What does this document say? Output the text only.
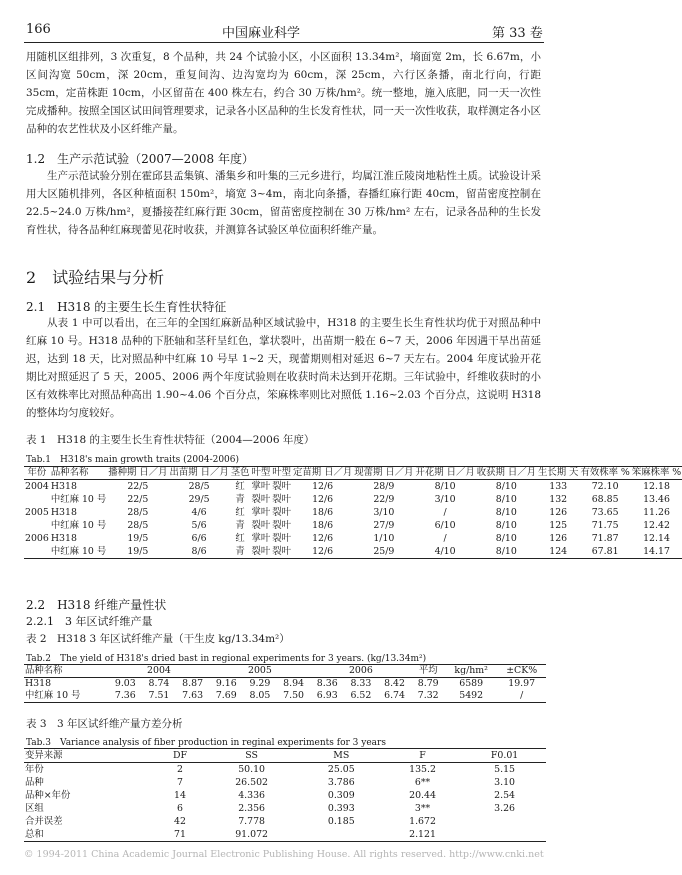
166	中国麻业科学	第 33 卷
用随机区组排列，3 次重复，8 个品种，共 24 个试验小区，小区面积 13.34m²，墒面宽 2m，长 6.67m，小区间沟宽 50cm，深 20cm，重复间沟、边沟宽均为 60cm，深 25cm，六行区条播，南北行向，行距 35cm，定苗株距 10cm，小区留苗在 400 株左右，约合 30 万株/hm²。统一整地，施入底肥，同一天一次性完成播种。按照全国区试田间管理要求，记录各小区品种的生长发育性状，同一天一次性收获，取样测定各小区品种的农艺性状及小区纤维产量。
1.2　生产示范试验（2007—2008 年度）
生产示范试验分别在霍邱县孟集镇、潘集乡和叶集的三元乡进行，均属江淮丘陵岗地粘性土质。试验设计采用大区随机排列，各区种植面积 150m²，墒宽 3~4m，南北向条播，春播红麻行距 40cm，留苗密度控制在 22.5~24.0 万株/hm²，夏播接茬红麻行距 30cm，留苗密度控制在 30 万株/hm² 左右，记录各品种的生长发育性状，待各品种红麻现蕾见花时收获，并测算各试验区单位面积纤维产量。
2　试验结果与分析
2.1　H318 的主要生长生育性状特征
从表 1 中可以看出，在三年的全国红麻新品种区域试验中，H318 的主要生长生育性状均优于对照品种中红麻 10 号。H318 品种的下胚轴和茎秆呈红色，掌状裂叶，出苗期一般在 6~7 天，2006 年因遇干旱出苗延迟，达到 18 天，比对照品种中红麻 10 号早 1~2 天，现蕾期则相对延迟 6~7 天左右。2004 年度试验开花期比对照延迟了 5 天，2005、2006 两个年度试验则在收获时尚未达到开花期。三年试验中，纤维收获时的小区有效株率比对照品种高出 1.90~4.06 个百分点，笨麻株率则比对照低 1.16~2.03 个百分点，这说明 H318 的整体均匀度较好。
表 1　H318 的主要生长生育性状特征（2004—2006 年度）
Tab.1　H318's main growth traits (2004-2006)
年份	品种名称	播种期 日／月	出苗期 日／月	茎色	叶型	叶型	定苗期 日／月	现蕾期 日／月	开花期 日／月	收获期 日／月	生长期 天	有效株率 %	笨麻株率 %
2004	H318	22/5	28/5	红	掌叶	裂叶	12/6	28/9	8/10	8/10	133	72.10	12.18
	中红麻 10 号	22/5	29/5	青	裂叶	裂叶	12/6	22/9	3/10	8/10	132	68.85	13.46
2005	H318	28/5	4/6	红	掌叶	裂叶	18/6	3/10	/	8/10	126	73.65	11.26
	中红麻 10 号	28/5	5/6	青	裂叶	裂叶	18/6	27/9	6/10	8/10	125	71.75	12.42
2006	H318	19/5	6/6	红	掌叶	裂叶	12/6	1/10	/	8/10	126	71.87	12.14
	中红麻 10 号	19/5	8/6	青	裂叶	裂叶	12/6	25/9	4/10	8/10	124	67.81	14.17
2.2　H318 纤维产量性状
2.2.1　3 年区试纤维产量
表 2　H318 3 年区试纤维产量（干生皮 kg/13.34m²）
Tab.2　The yield of H318's dried bast in regional experiments for 3 years. (kg/13.34m²)
品种名称	2004			2005			2006			平均	kg/hm²	±CK%
H318	9.03	8.74	8.87	9.16	9.29	8.94	8.36	8.33	8.42	8.79	6589	19.97
中红麻 10 号	7.36	7.51	7.63	7.69	8.05	7.50	6.93	6.52	6.74	7.32	5492	/
表 3　3 年区试纤维产量方差分析
Tab.3　Variance analysis of fiber production in reginal experiments for 3 years
变异来源	DF	SS	MS	F	F0.01
年份	2	50.10	25.05	135.2	5.15
品种	7	26.502	3.786	6**	3.10
品种×年份	14	4.336	0.309	20.44	2.54
区组	6	2.356	0.393	3**	3.26
合并误差	42	7.778	0.185	1.672	
总和	71	91.072		2.121	
© 1994-2011 China Academic Journal Electronic Publishing House. All rights reserved. http://www.cnki.net
